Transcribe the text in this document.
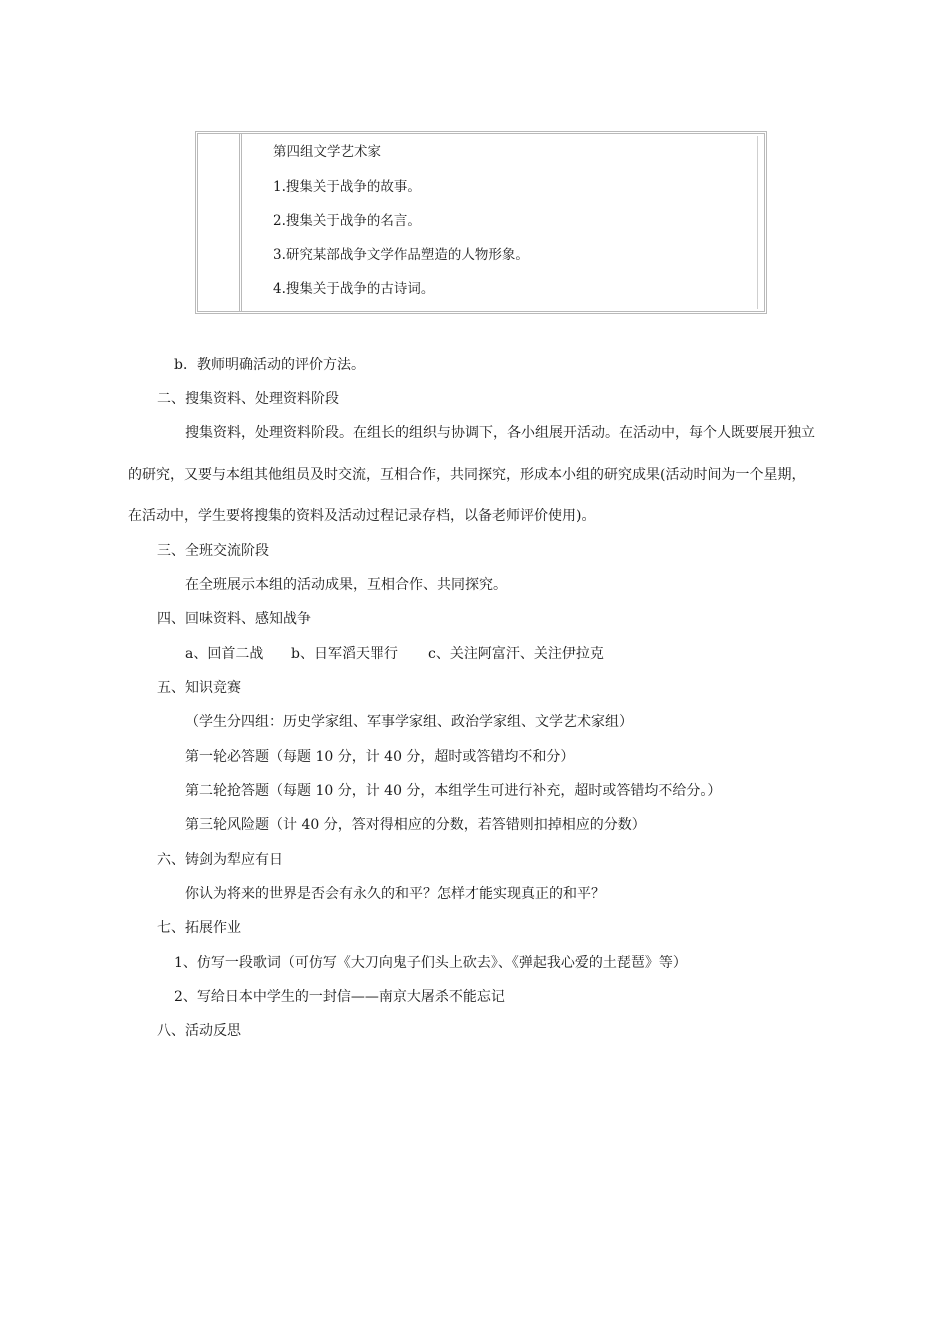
第四组文学艺术家
1.搜集关于战争的故事。
2.搜集关于战争的名言。
3.研究某部战争文学作品塑造的人物形象。
4.搜集关于战争的古诗词。
b．教师明确活动的评价方法。
二、搜集资料、处理资料阶段
搜集资料，处理资料阶段。在组长的组织与协调下，各小组展开活动。在活动中，每个人既要展开独立
的研究，又要与本组其他组员及时交流，互相合作，共同探究，形成本小组的研究成果(活动时间为一个星期，
在活动中，学生要将搜集的资料及活动过程记录存档，以备老师评价使用)。
三、全班交流阶段
在全班展示本组的活动成果，互相合作、共同探究。
四、回味资料、感知战争
a、回首二战 b、日军滔天罪行 c、关注阿富汗、关注伊拉克
五、知识竞赛
（学生分四组：历史学家组、军事学家组、政治学家组、文学艺术家组）
第一轮必答题（每题 10 分，计 40 分，超时或答错均不和分）
第二轮抢答题（每题 10 分，计 40 分，本组学生可进行补充，超时或答错均不给分。）
第三轮风险题（计 40 分，答对得相应的分数，若答错则扣掉相应的分数）
六、铸剑为犁应有日
你认为将来的世界是否会有永久的和平？怎样才能实现真正的和平？
七、拓展作业
1、仿写一段歌词（可仿写《大刀向鬼子们头上砍去》、《弹起我心爱的土琵琶》等）
2、写给日本中学生的一封信——南京大屠杀不能忘记
八、活动反思
